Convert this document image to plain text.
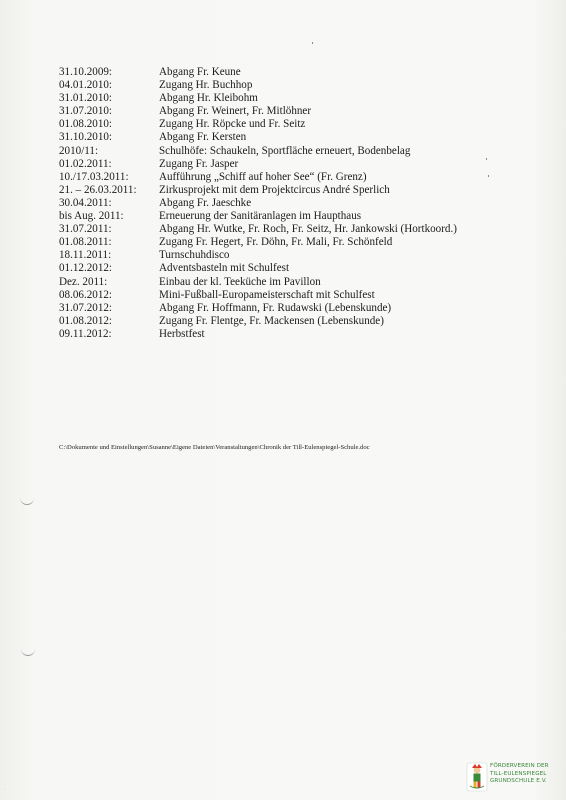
31.10.2009:	Abgang Fr. Keune
04.01.2010:	Zugang Hr. Buchhop
31.01.2010:	Abgang Hr. Kleibohm
31.07.2010:	Abgang Fr. Weinert, Fr. Mitlöhner
01.08.2010:	Zugang Hr. Röpcke und Fr. Seitz
31.10.2010:	Abgang Fr. Kersten
2010/11:	Schulhöfe: Schaukeln, Sportfläche erneuert, Bodenbelag
01.02.2011:	Zugang Fr. Jasper
10./17.03.2011:	Aufführung „Schiff auf hoher See“ (Fr. Grenz)
21. – 26.03.2011: Zirkusprojekt mit dem Projektcircus André Sperlich
30.04.2011:	Abgang Fr. Jaeschke
bis Aug. 2011:	Erneuerung der Sanitäranlagen im Haupthaus
31.07.2011:	Abgang Hr. Wutke, Fr. Roch, Fr. Seitz, Hr. Jankowski (Hortkoord.)
01.08.2011:	Zugang Fr. Hegert, Fr. Döhn, Fr. Mali, Fr. Schönfeld
18.11.2011:	Turnschuhdisco
01.12.2012:	Adventsbasteln mit Schulfest
Dez. 2011:	Einbau der kl. Teeküche im Pavillon
08.06.2012:	Mini-Fußball-Europameisterschaft mit Schulfest
31.07.2012:	Abgang Fr. Hoffmann, Fr. Rudawski (Lebenskunde)
01.08.2012:	Zugang Fr. Flentge, Fr. Mackensen (Lebenskunde)
09.11.2012:	Herbstfest
C:\Dokumente und Einstellungen\Susanne\Eigene Dateien\Veranstaltungen\Chronik der Till-Eulenspiegel-Schule.doc
FÖRDERVEREIN DER
TILL-EULENSPIEGEL
GRUNDSCHULE E.V.
·
